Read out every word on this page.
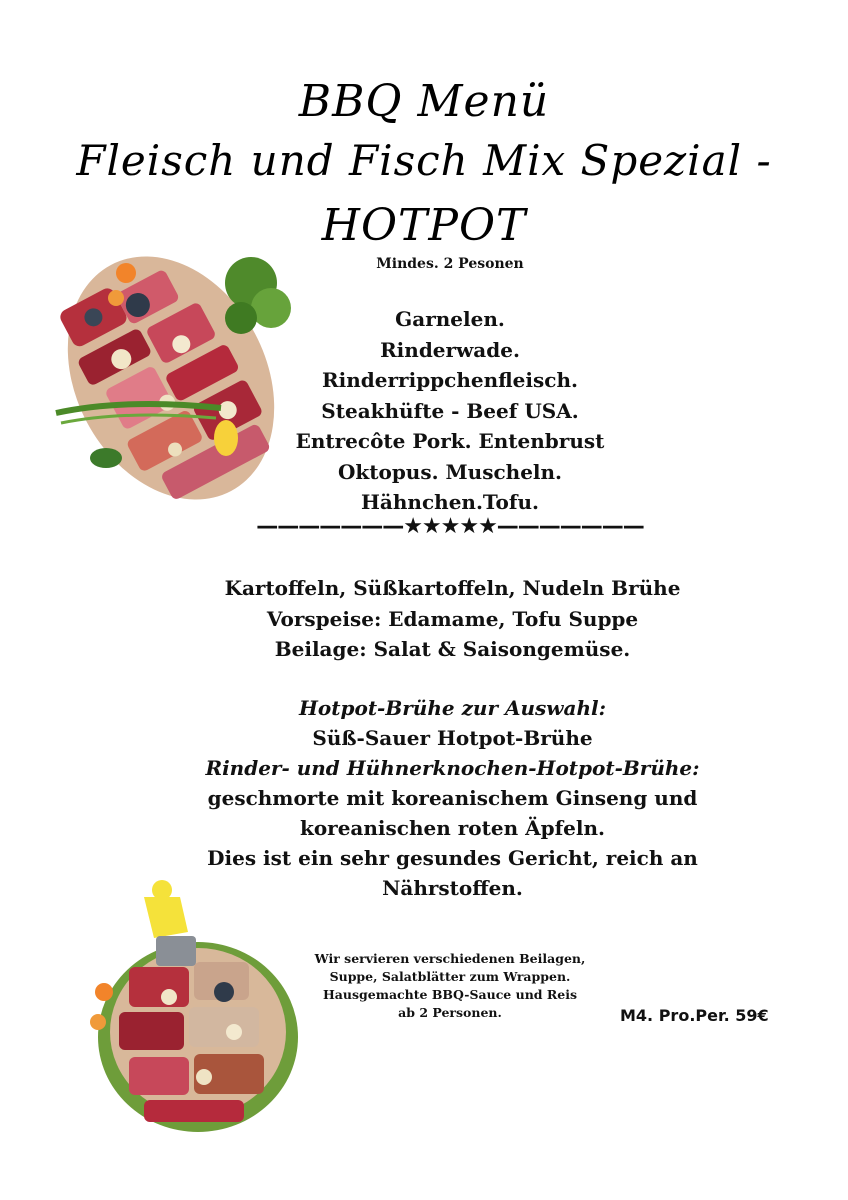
BBQ Menü
Fleisch und Fisch Mix Spezial -
HOTPOT
Mindes. 2 Pesonen
Garnelen.
Rinderwade.
Rinderrippchenfleisch.
Steakhüfte - Beef USA.
Entrecôte Pork. Entenbrust
Oktopus. Muscheln.
Hähnchen.Tofu.
———————★★★★★———————
Kartoffeln, Süßkartoffeln, Nudeln Brühe
Vorspeise: Edamame, Tofu Suppe
Beilage: Salat & Saisongemüse.
Hotpot-Brühe zur Auswahl:
Süß-Sauer Hotpot-Brühe
Rinder- und Hühnerknochen-Hotpot-Brühe:
geschmorte mit koreanischem Ginseng und
koreanischen roten Äpfeln.
Dies ist ein sehr gesundes Gericht, reich an
Nährstoffen.
Wir servieren verschiedenen Beilagen,
Suppe, Salatblätter zum Wrappen.
Hausgemachte BBQ-Sauce und Reis
ab 2 Personen.	M4. Pro.Per. 59€
